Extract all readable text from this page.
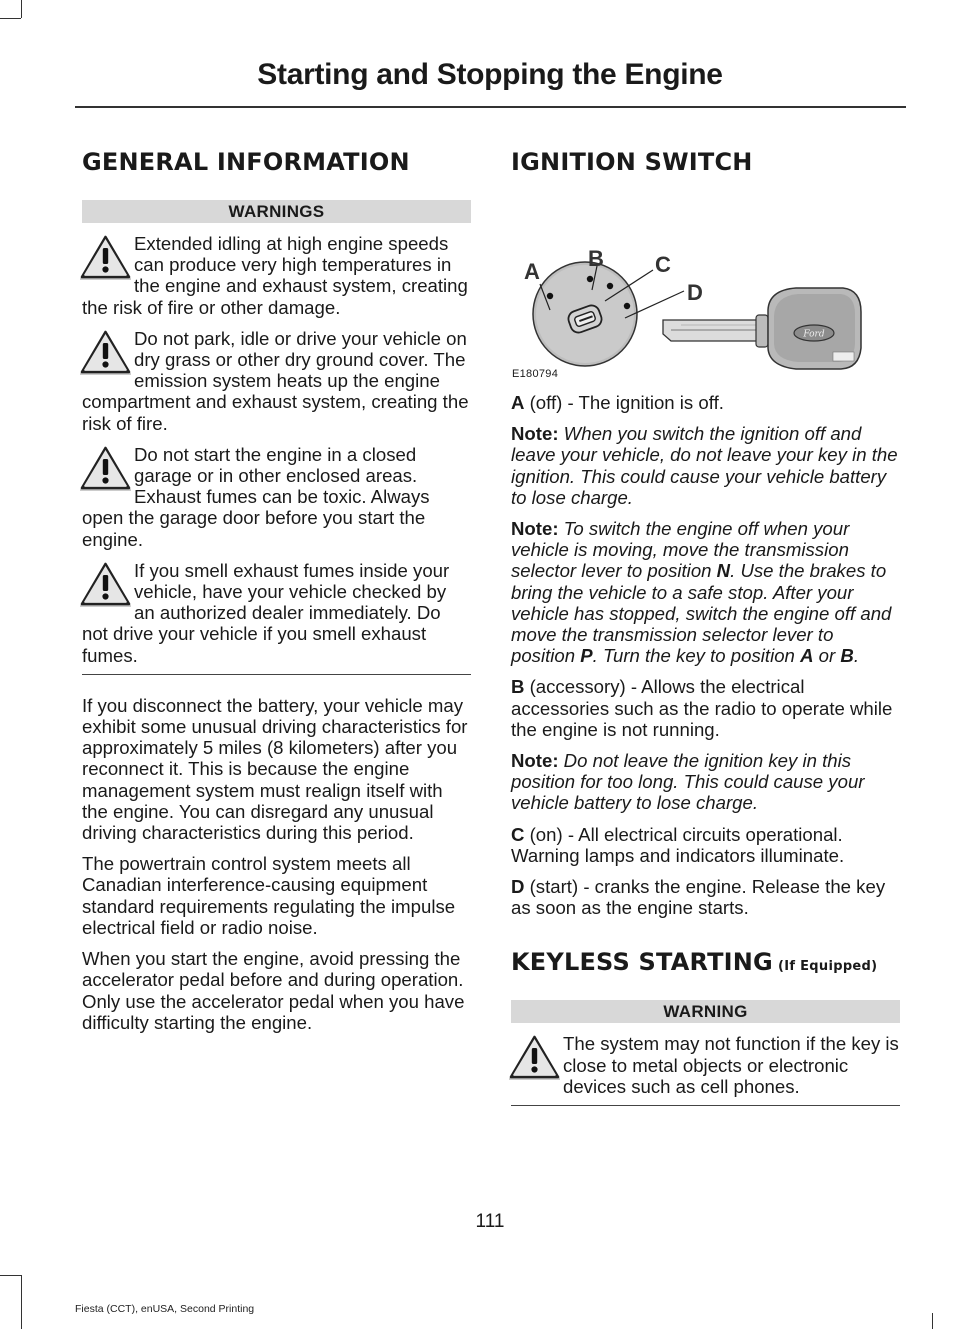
Starting and Stopping the Engine
GENERAL INFORMATION
WARNINGS
Extended idling at high engine speeds can produce very high temperatures in the engine and exhaust system, creating the risk of fire or other damage.
Do not park, idle or drive your vehicle on dry grass or other dry ground cover. The emission system heats up the engine compartment and exhaust system, creating the risk of fire.
Do not start the engine in a closed garage or in other enclosed areas. Exhaust fumes can be toxic. Always open the garage door before you start the engine.
If you smell exhaust fumes inside your vehicle, have your vehicle checked by an authorized dealer immediately. Do not drive your vehicle if you smell exhaust fumes.

If you disconnect the battery, your vehicle may exhibit some unusual driving characteristics for approximately 5 miles (8 kilometers) after you reconnect it. This is because the engine management system must realign itself with the engine. You can disregard any unusual driving characteristics during this period.

The powertrain control system meets all Canadian interference-causing equipment standard requirements regulating the impulse electrical field or radio noise.

When you start the engine, avoid pressing the accelerator pedal before and during operation. Only use the accelerator pedal when you have difficulty starting the engine.

IGNITION SWITCH
Ford
A
B C
D
E180794

A (off) - The ignition is off.

Note: When you switch the ignition off and leave your vehicle, do not leave your key in the ignition. This could cause your vehicle battery to lose charge.

Note: To switch the engine off when your vehicle is moving, move the transmission selector lever to position N. Use the brakes to bring the vehicle to a safe stop. After your vehicle has stopped, switch the engine off and move the transmission selector lever to position P. Turn the key to position A or B.

B (accessory) - Allows the electrical accessories such as the radio to operate while the engine is not running.

Note: Do not leave the ignition key in this position for too long. This could cause your vehicle battery to lose charge.

C (on) - All electrical circuits operational. Warning lamps and indicators illuminate.

D (start) - cranks the engine. Release the key as soon as the engine starts.

KEYLESS STARTING (If Equipped)
WARNING
The system may not function if the key is close to metal objects or electronic devices such as cell phones.
111
Fiesta (CCT), enUSA, Second Printing
